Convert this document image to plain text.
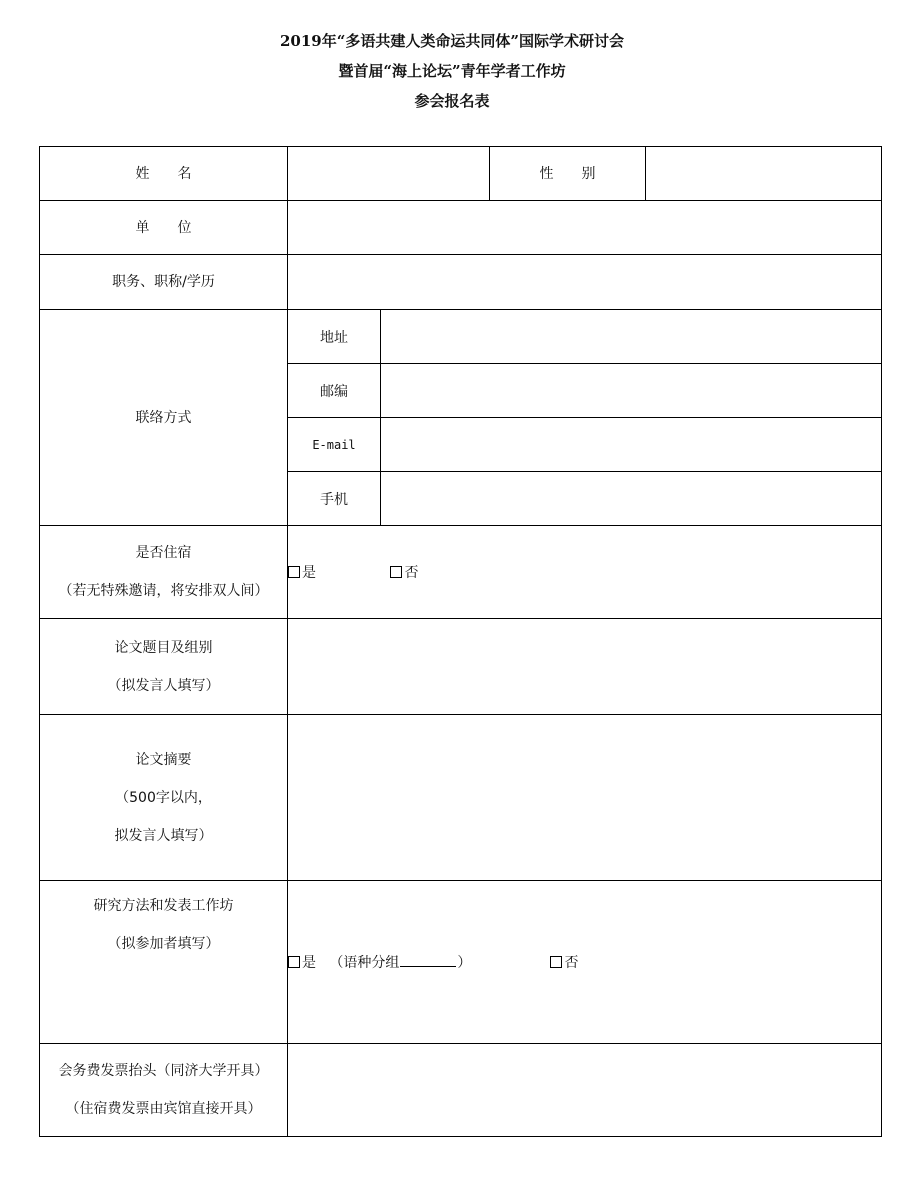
2019年“多语共建人类命运共同体”国际学术研讨会
暨首届“海上论坛”青年学者工作坊
参会报名表
姓　　名			性　　别	

单　　位				

职务、职称/学历				

联络方式	地址			
	邮编			
	E-mail			
	手机			

是否住宿
（若无特殊邀请，将安排双人间）	是 否			

论文题目及组别
（拟发言人填写）				

论文摘要
（500字以内，
拟发言人填写）				

研究方法和发表工作坊
（拟参加者填写）	是 （语种分组 ） 否			

会务费发票抬头（同济大学开具）
（住宿费发票由宾馆直接开具）				
